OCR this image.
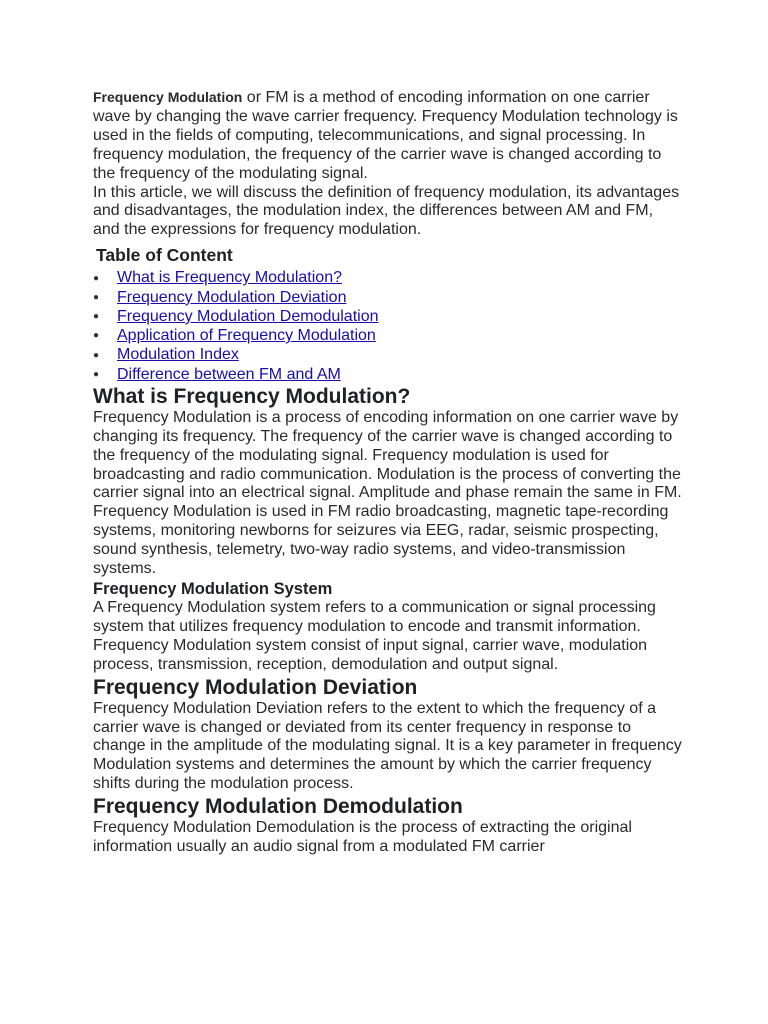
Frequency Modulation or FM is a method of encoding information on one carrier wave by changing the wave carrier frequency. Frequency Modulation technology is used in the fields of computing, telecommunications, and signal processing. In frequency modulation, the frequency of the carrier wave is changed according to the frequency of the modulating signal.

In this article, we will discuss the definition of frequency modulation, its advantages and disadvantages, the modulation index, the differences between AM and FM, and the expressions for frequency modulation.

Table of Content
● What is Frequency Modulation?
● Frequency Modulation Deviation
● Frequency Modulation Demodulation
● Application of Frequency Modulation
● Modulation Index
● Difference between FM and AM
What is Frequency Modulation?

Frequency Modulation is a process of encoding information on one carrier wave by changing its frequency. The frequency of the carrier wave is changed according to the frequency of the modulating signal. Frequency modulation is used for broadcasting and radio communication. Modulation is the process of converting the carrier signal into an electrical signal. Amplitude and phase remain the same in FM.

Frequency Modulation is used in FM radio broadcasting, magnetic tape-recording systems, monitoring newborns for seizures via EEG, radar, seismic prospecting, sound synthesis, telemetry, two-way radio systems, and video-transmission systems.

Frequency Modulation System

A Frequency Modulation system refers to a communication or signal processing system that utilizes frequency modulation to encode and transmit information. Frequency Modulation system consist of input signal, carrier wave, modulation process, transmission, reception, demodulation and output signal.

Frequency Modulation Deviation

Frequency Modulation Deviation refers to the extent to which the frequency of a carrier wave is changed or deviated from its center frequency in response to change in the amplitude of the modulating signal. It is a key parameter in frequency Modulation systems and determines the amount by which the carrier frequency shifts during the modulation process.

Frequency Modulation Demodulation

Frequency Modulation Demodulation is the process of extracting the original information usually an audio signal from a modulated FM carrier
